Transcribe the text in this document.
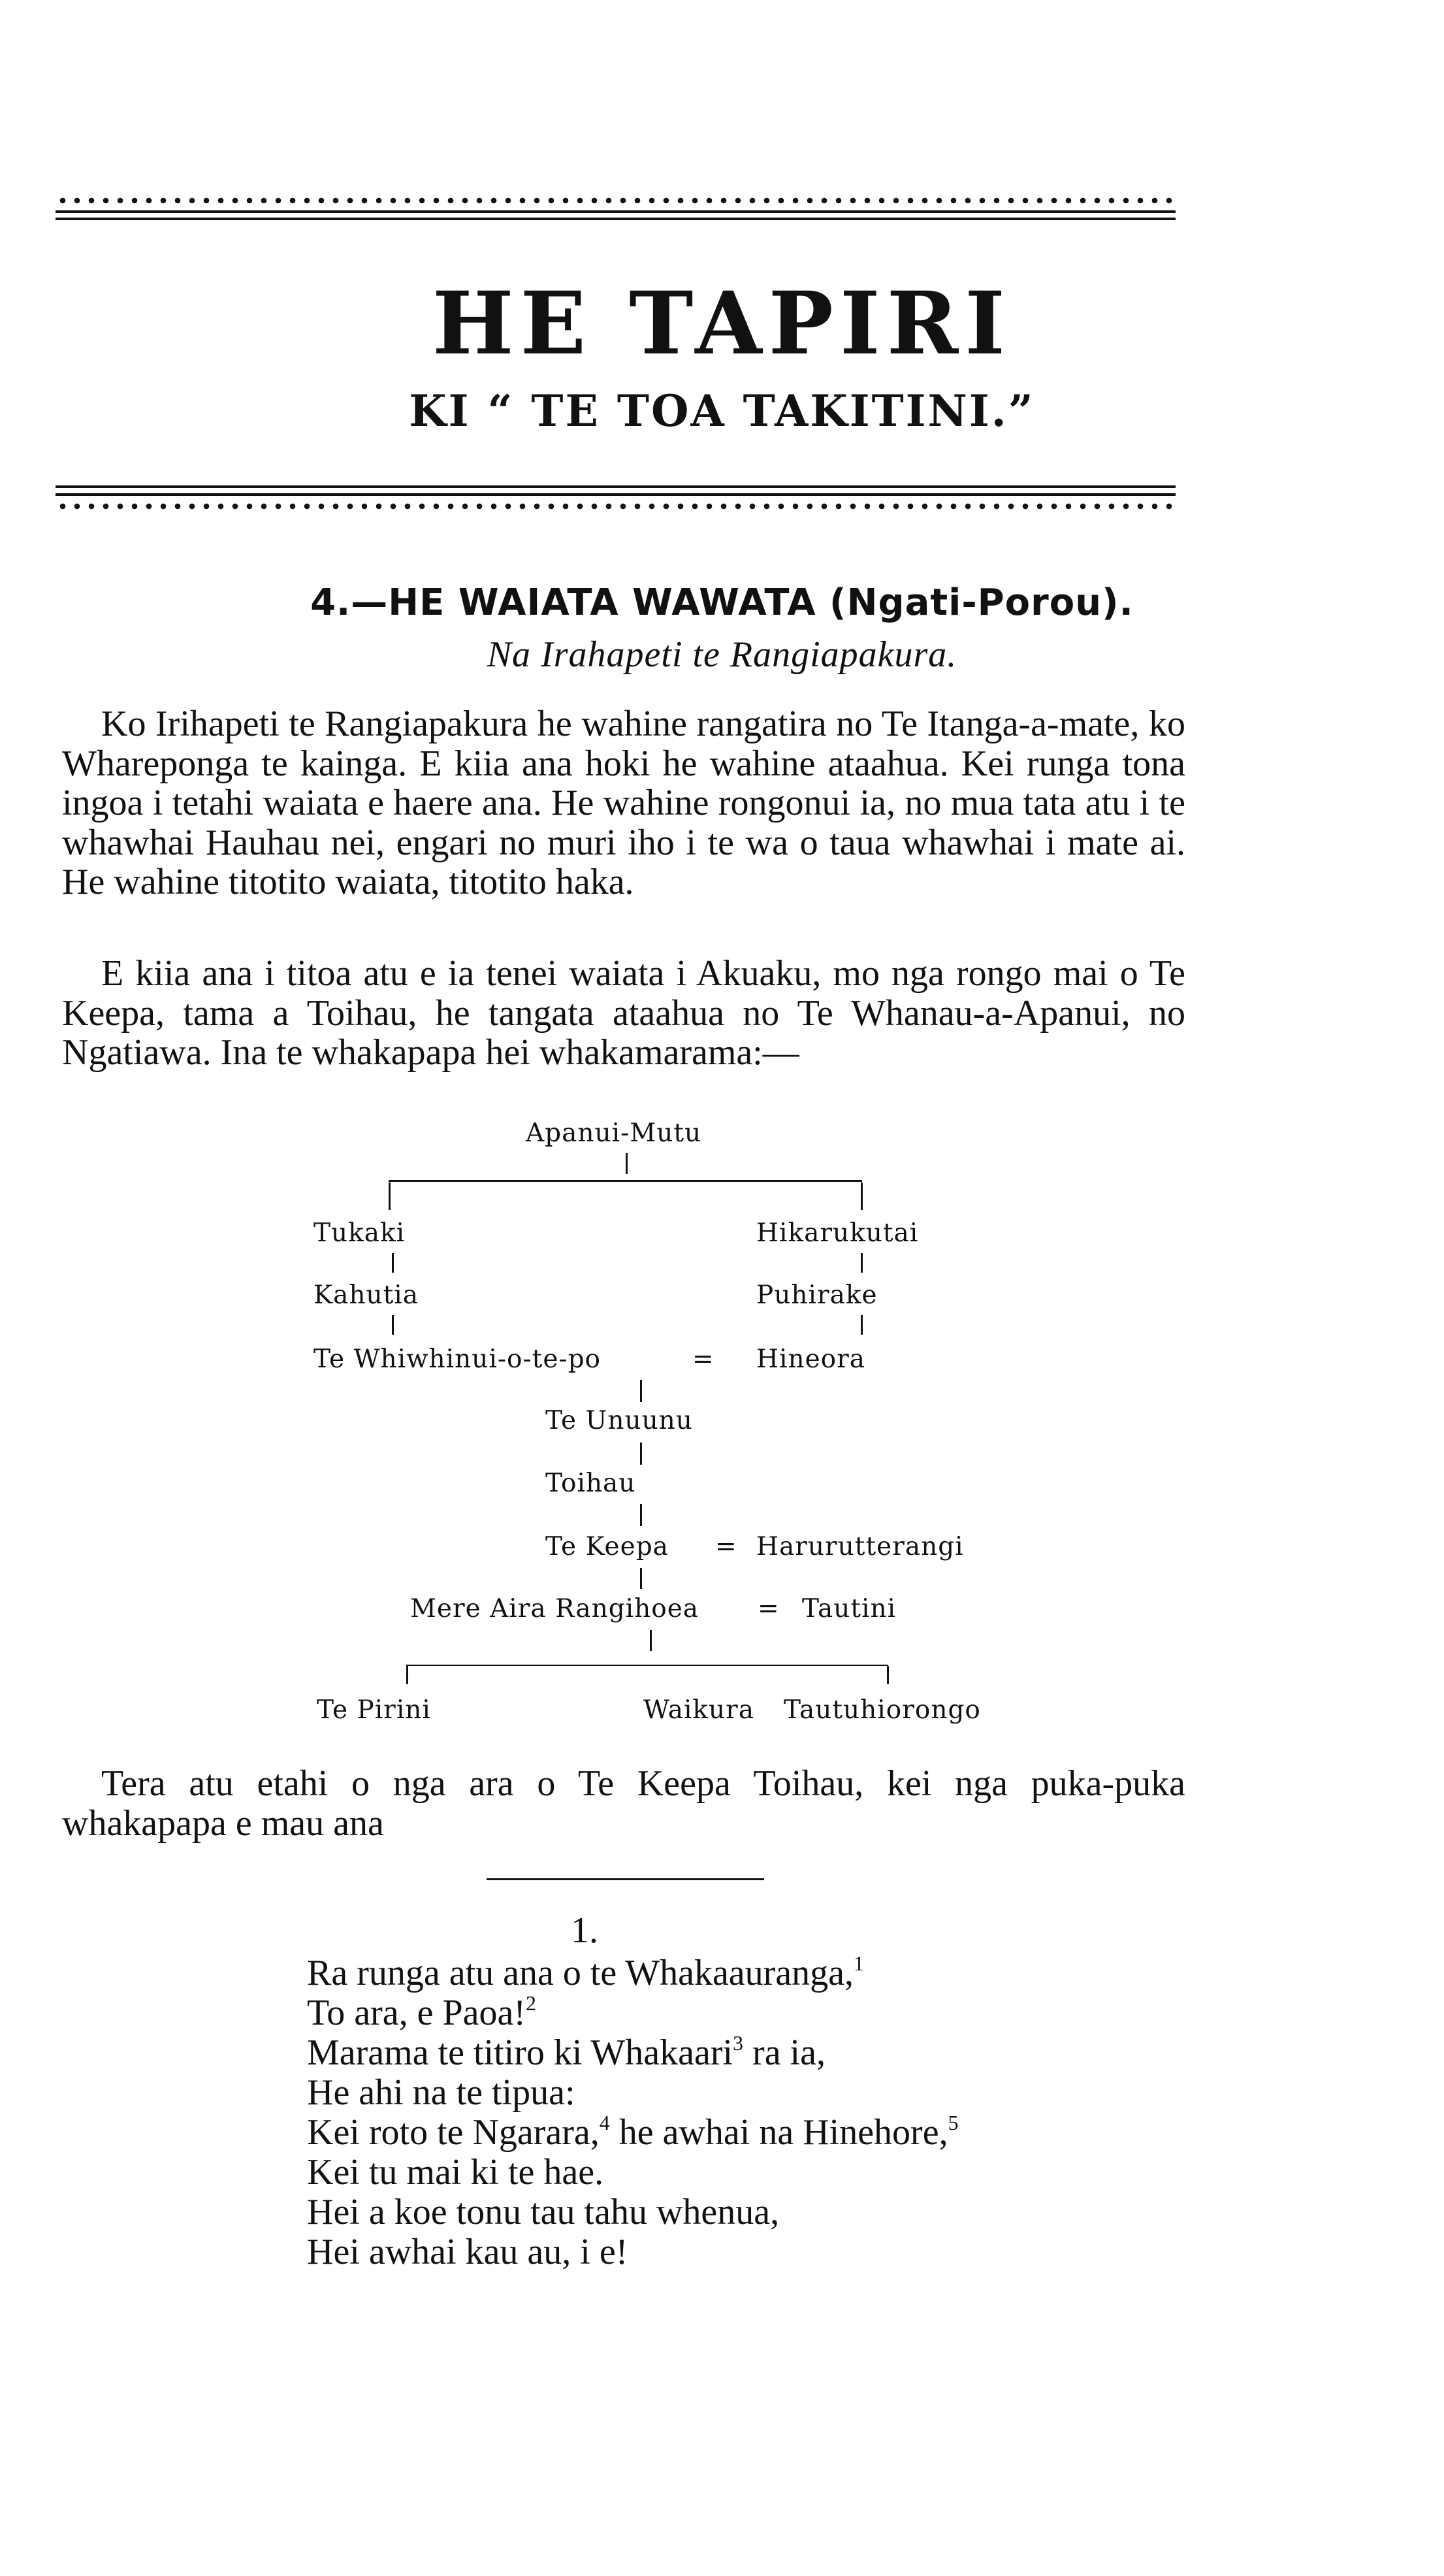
HE TAPIRI
KI “ TE TOA TAKITINI.”
4.—HE WAIATA WAWATA (Ngati-Porou).
Na Irahapeti te Rangiapakura.
Ko Irihapeti te Rangiapakura he wahine rangatira no Te Itanga-a-mate, ko Whareponga te kainga. E kiia ana hoki he wahine ataahua. Kei runga tona ingoa i tetahi waiata e haere ana. He wahine rongonui ia, no mua tata atu i te whawhai Hauhau nei, engari no muri iho i te wa o taua whawhai i mate ai. He wahine titotito waiata, titotito haka.
E kiia ana i titoa atu e ia tenei waiata i Akuaku, mo nga rongo mai o Te Keepa, tama a Toihau, he tangata ataahua no Te Whanau-a-Apanui, no Ngatiawa. Ina te whakapapa hei whakamarama:—
Apanui-Mutu
Tukaki	Hikarukutai
Kahutia	Puhirake
Te Whiwhinui-o-te-po	= Hineora
Te Unuunu
Toihau
Te Keepa = Harurutterangi
Mere Aira Rangihoea = Tautini
Te Pirini	Waikura Tautuhiorongo
Tera atu etahi o nga ara o Te Keepa Toihau, kei nga puka-puka whakapapa e mau ana
1.
Ra runga atu ana o te Whakaauranga,$^1$
To ara, e Paoa!$^2$
Marama te titiro ki Whakaari$^3$ ra ia,
He ahi na te tipua:
Kei roto te Ngarara,$^4$ he awhai na Hinehore,$^5$
Kei tu mai ki te hae.
Hei a koe tonu tau tahu whenua,
Hei awhai kau au, i e!
